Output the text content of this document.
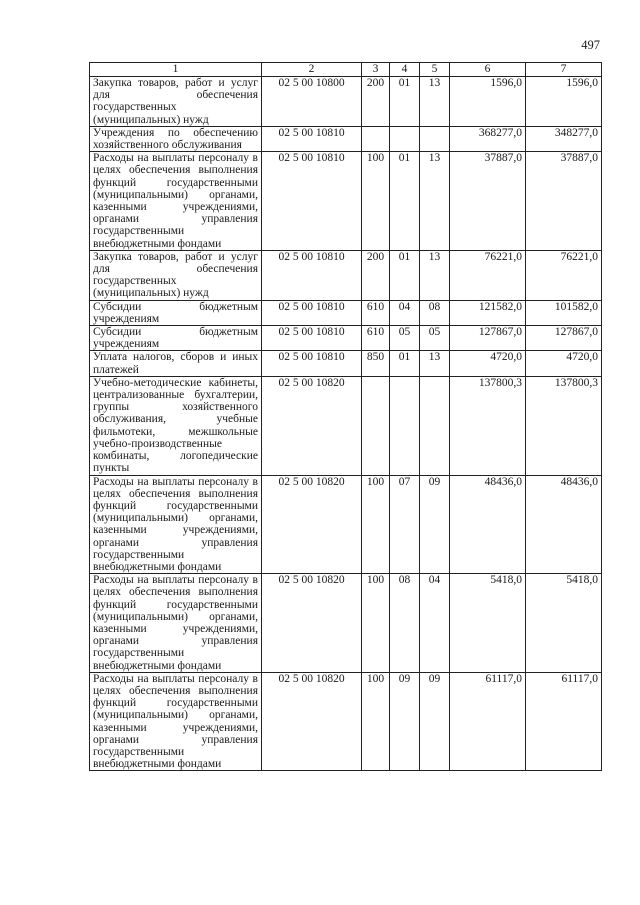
497
1	2	3	4	5	6	7
Закупка товаров, работ и услуг для обеспечения государственных (муниципальных) нужд	02 5 00 10800	200	01	13	1596,0	1596,0
Учреждения по обеспечению хозяйственного обслуживания	02 5 00 10810				368277,0	348277,0
Расходы на выплаты персоналу в целях обеспечения выполнения функций государственными (муниципальными) органами, казенными учреждениями, органами управления государственными внебюджетными фондами	02 5 00 10810	100	01	13	37887,0	37887,0
Закупка товаров, работ и услуг для обеспечения государственных (муниципальных) нужд	02 5 00 10810	200	01	13	76221,0	76221,0
Субсидии бюджетным учреждениям	02 5 00 10810	610	04	08	121582,0	101582,0
Субсидии бюджетным учреждениям	02 5 00 10810	610	05	05	127867,0	127867,0
Уплата налогов, сборов и иных платежей	02 5 00 10810	850	01	13	4720,0	4720,0
Учебно-методические кабинеты, централизованные бухгалтерии, группы хозяйственного обслуживания, учебные фильмотеки, межшкольные учебно-производственные комбинаты, логопедические пункты	02 5 00 10820				137800,3	137800,3
Расходы на выплаты персоналу в целях обеспечения выполнения функций государственными (муниципальными) органами, казенными учреждениями, органами управления государственными внебюджетными фондами	02 5 00 10820	100	07	09	48436,0	48436,0
Расходы на выплаты персоналу в целях обеспечения выполнения функций государственными (муниципальными) органами, казенными учреждениями, органами управления государственными внебюджетными фондами	02 5 00 10820	100	08	04	5418,0	5418,0
Расходы на выплаты персоналу в целях обеспечения выполнения функций государственными (муниципальными) органами, казенными учреждениями, органами управления государственными внебюджетными фондами	02 5 00 10820	100	09	09	61117,0	61117,0
